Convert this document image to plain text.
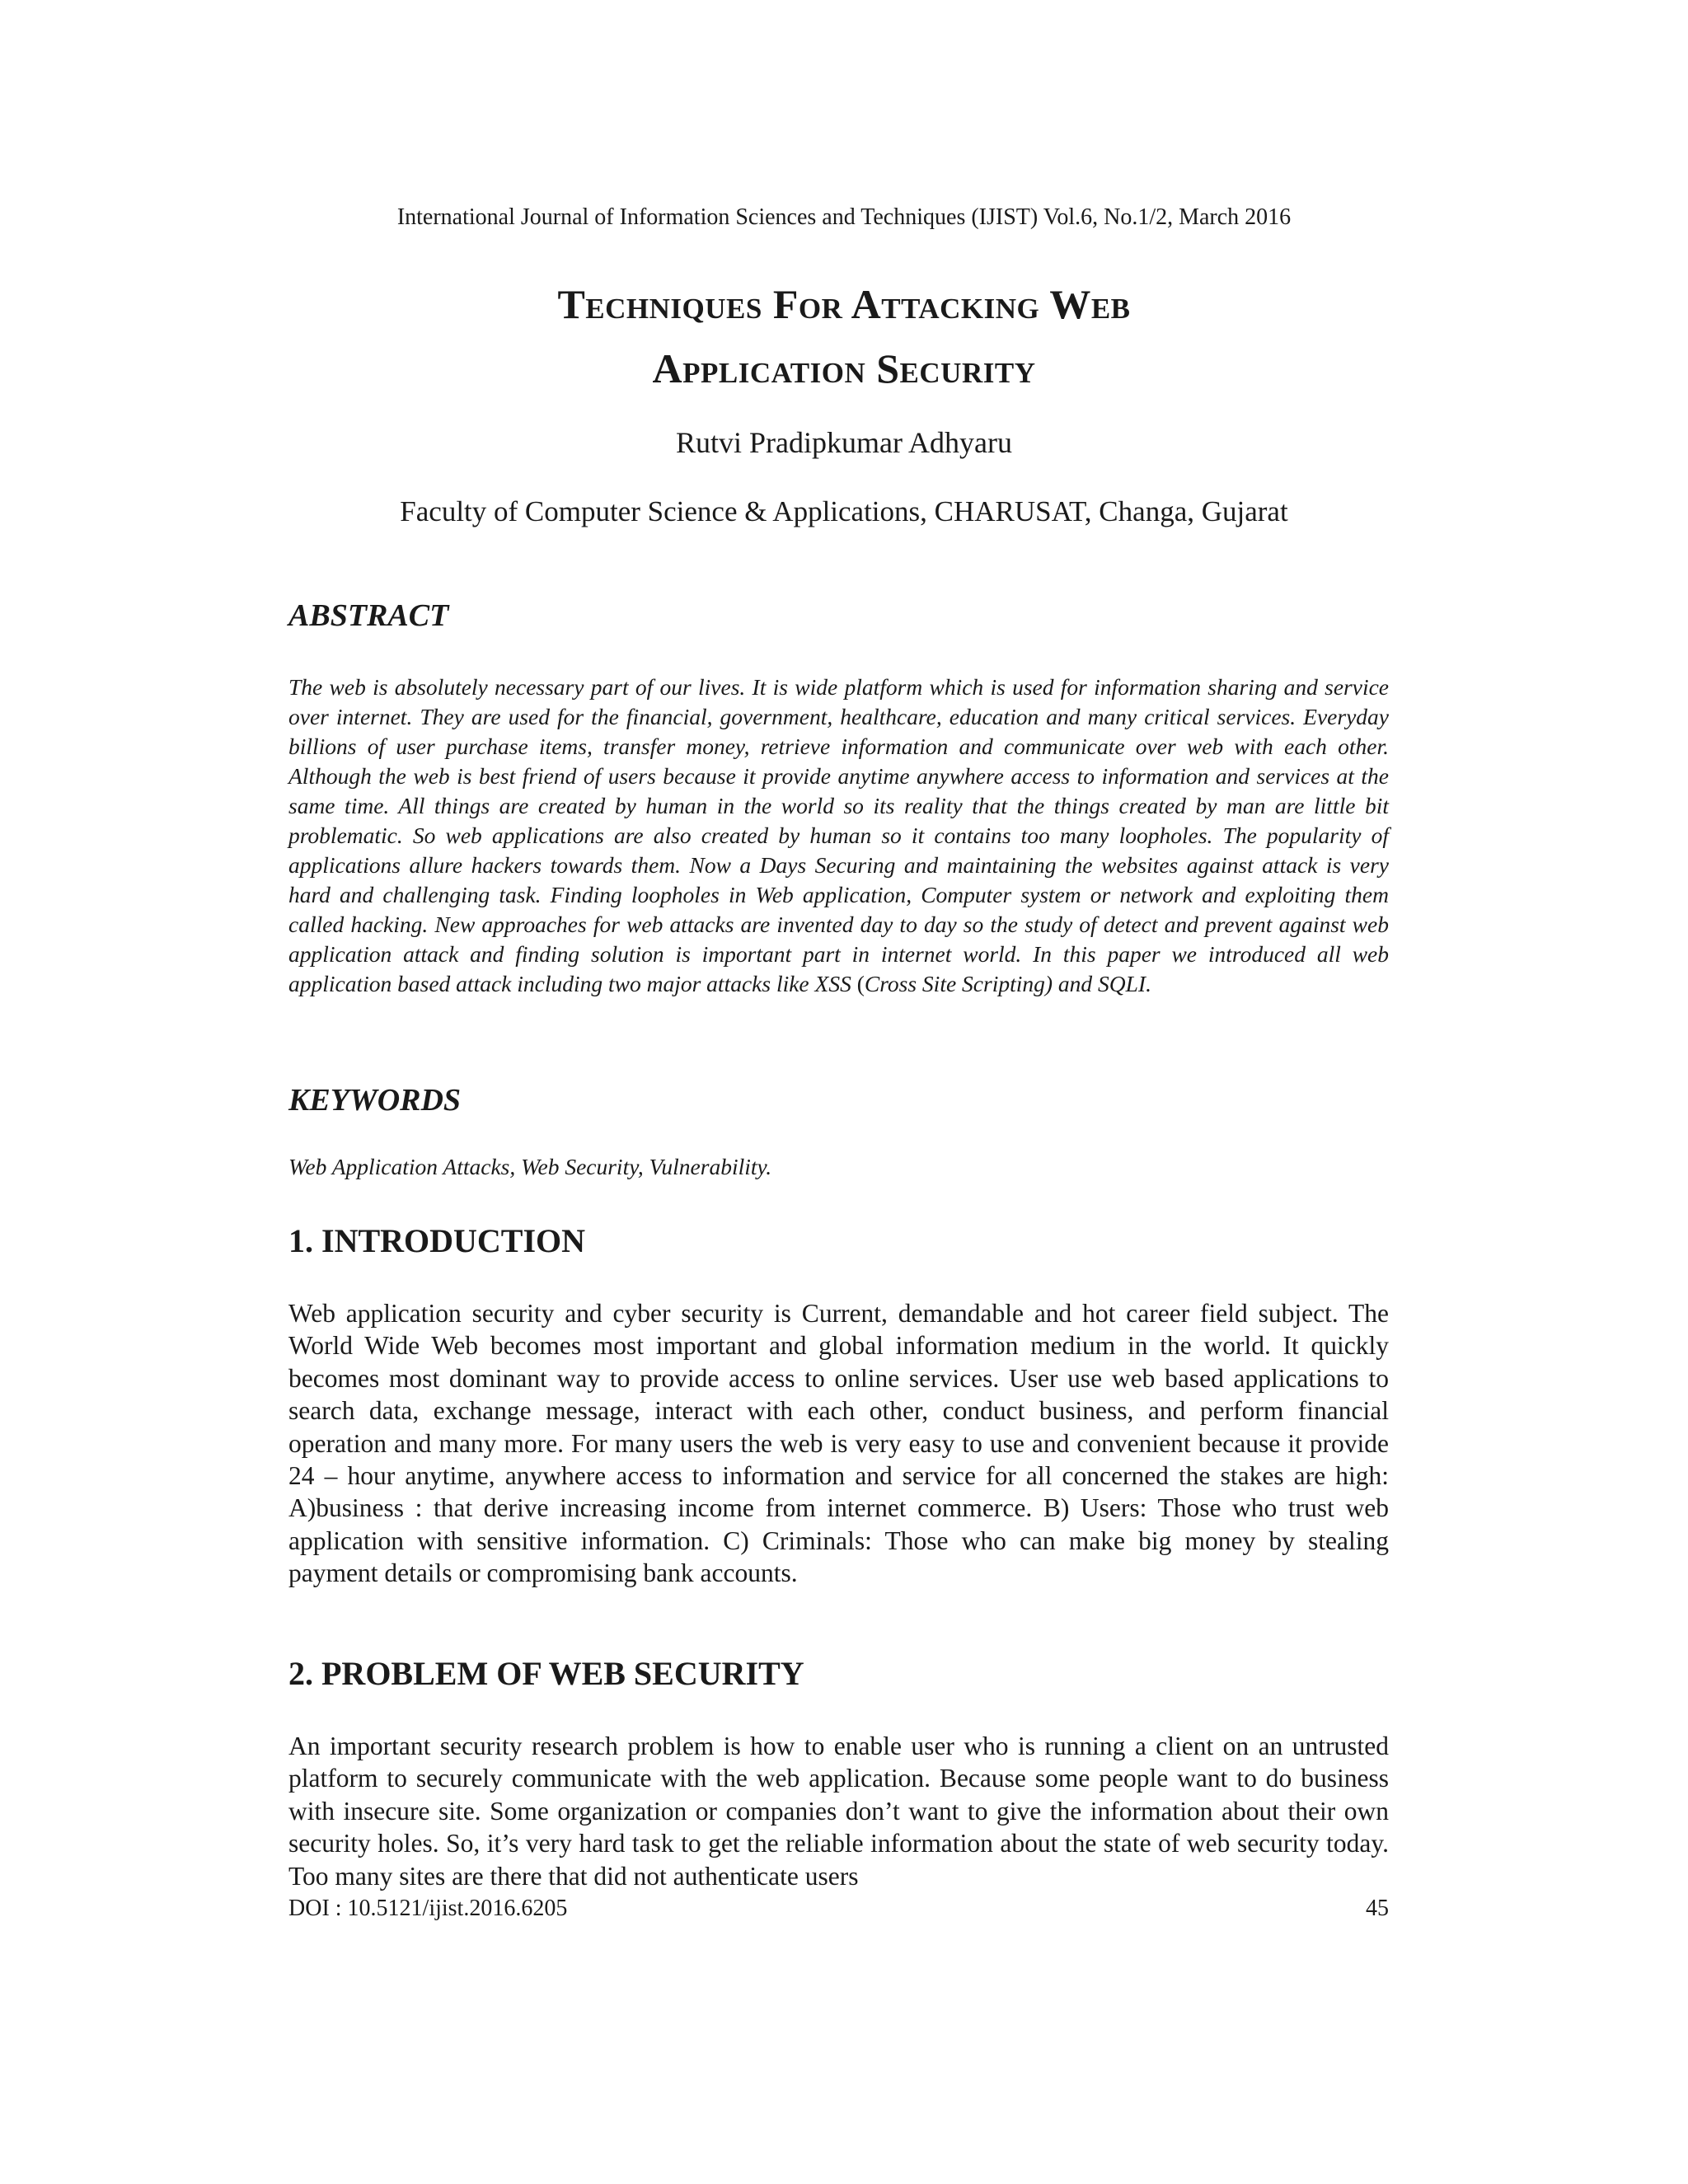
International Journal of Information Sciences and Techniques (IJIST) Vol.6, No.1/2, March 2016
Techniques For Attacking Web
Application Security
Rutvi Pradipkumar Adhyaru
Faculty of Computer Science & Applications, CHARUSAT, Changa, Gujarat
ABSTRACT

The web is absolutely necessary part of our lives. It is wide platform which is used for information sharing and service over internet. They are used for the financial, government, healthcare, education and many critical services. Everyday billions of user purchase items, transfer money, retrieve information and communicate over web with each other. Although the web is best friend of users because it provide anytime anywhere access to information and services at the same time. All things are created by human in the world so its reality that the things created by man are little bit problematic. So web applications are also created by human so it contains too many loopholes. The popularity of applications allure hackers towards them. Now a Days Securing and maintaining the websites against attack is very hard and challenging task. Finding loopholes in Web application, Computer system or network and exploiting them called hacking. New approaches for web attacks are invented day to day so the study of detect and prevent against web application attack and finding solution is important part in internet world. In this paper we introduced all web application based attack including two major attacks like XSS (Cross Site Scripting) and SQLI.

KEYWORDS

Web Application Attacks, Web Security, Vulnerability.

1. INTRODUCTION

Web application security and cyber security is Current, demandable and hot career field subject. The World Wide Web becomes most important and global information medium in the world. It quickly becomes most dominant way to provide access to online services. User use web based applications to search data, exchange message, interact with each other, conduct business, and perform financial operation and many more. For many users the web is very easy to use and convenient because it provide 24 – hour anytime, anywhere access to information and service for all concerned the stakes are high: A)business : that derive increasing income from internet commerce. B) Users: Those who trust web application with sensitive information. C) Criminals: Those who can make big money by stealing payment details or compromising bank accounts.

2. PROBLEM OF WEB SECURITY

An important security research problem is how to enable user who is running a client on an untrusted platform to securely communicate with the web application. Because some people want to do business with insecure site. Some organization or companies don’t want to give the information about their own security holes. So, it’s very hard task to get the reliable information about the state of web security today. Too many sites are there that did not authenticate users

DOI : 10.5121/ijist.2016.6205	45
